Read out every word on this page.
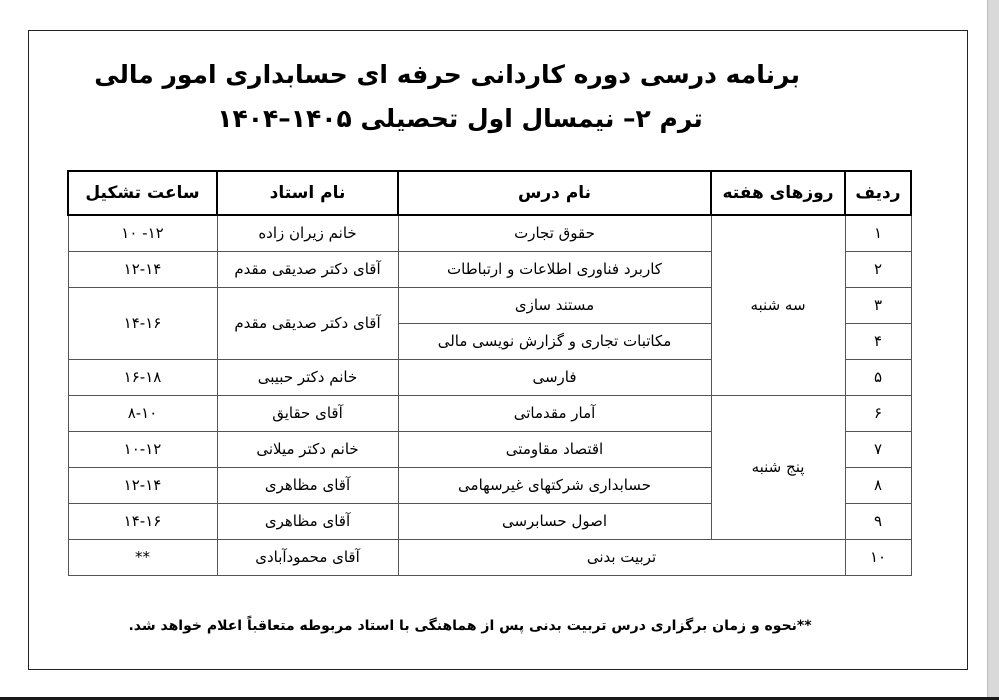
برنامه درسی دوره کاردانی حرفه ای حسابداری امور مالی
ترم ۲– نیمسال اول تحصیلی ۱۴۰۵–۱۴۰۴
ردیف	روزهای هفته	نام درس	نام استاد	ساعت تشکیل
۱	سه شنبه	حقوق تجارت	خانم زیران زاده	۱۲- ۱۰
۲		کاربرد فناوری اطلاعات و ارتباطات	آقای دکتر صدیقی مقدم	۱۲-۱۴
۳		مستند سازی	آقای دکتر صدیقی مقدم	۱۴-۱۶
۴		مکاتبات تجاری و گزارش نویسی مالی		
۵		فارسی	خانم دکتر حبیبی	۱۶-۱۸
۶	پنج شنبه	آمار مقدماتی	آقای حقایق	۸-۱۰
۷		اقتصاد مقاومتی	خانم دکتر میلانی	۱۰-۱۲
۸		حسابداری شرکتهای غیرسهامی	آقای مظاهری	۱۲-۱۴
۹		اصول حسابرسی	آقای مظاهری	۱۴-۱۶
۱۰	تربیت بدنی		آقای محمودآبادی	**
**نحوه و زمان برگزاری درس تربیت بدنی پس از هماهنگی با استاد مربوطه متعاقباً اعلام خواهد شد.
